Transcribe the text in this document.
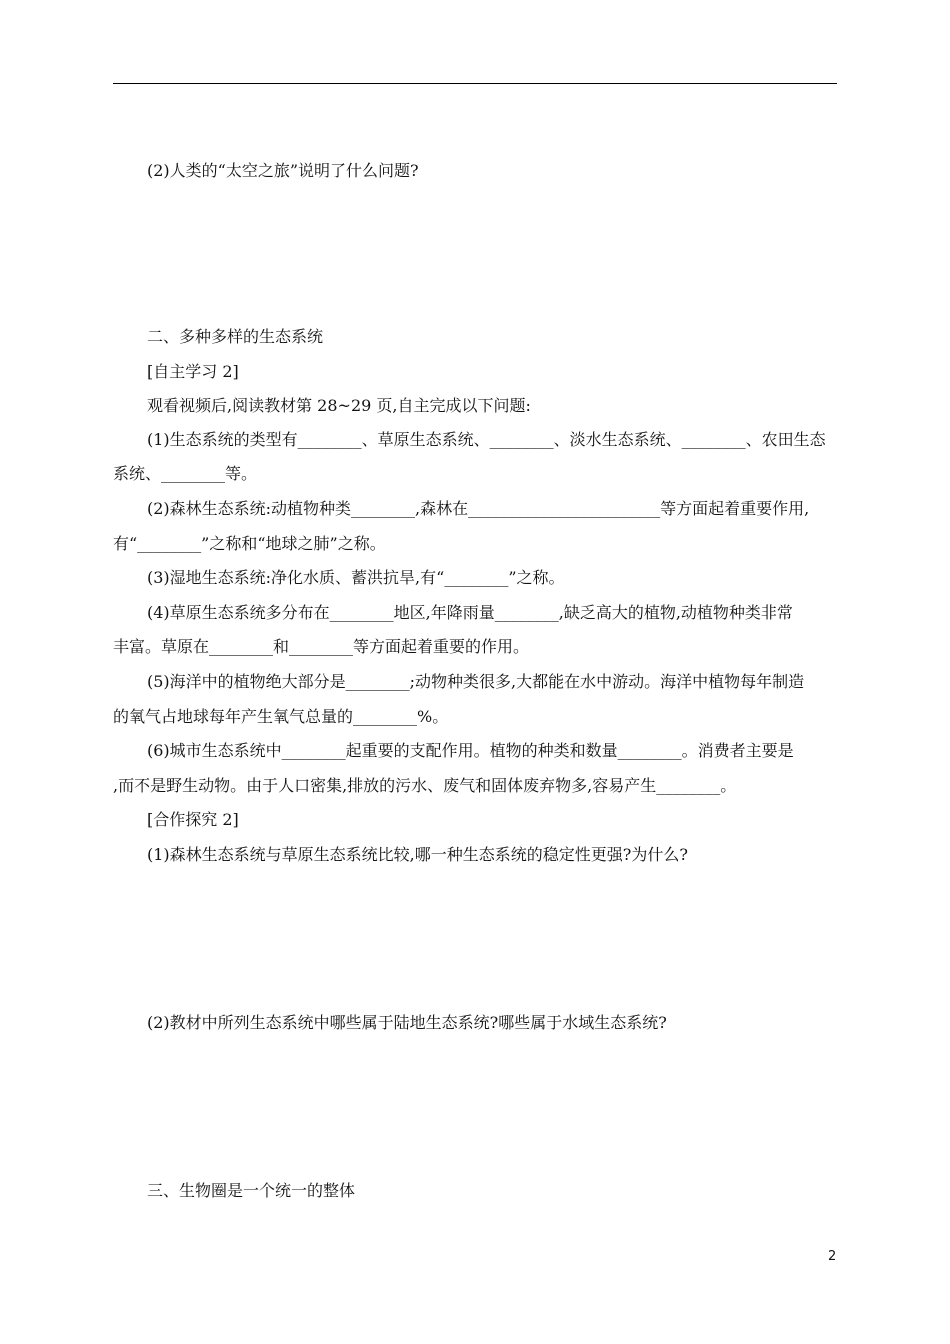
(2)人类的“太空之旅”说明了什么问题?
二、多种多样的生态系统
[自主学习 2]
观看视频后,阅读教材第 28~29 页,自主完成以下问题:
(1)生态系统的类型有________、草原生态系统、________、淡水生态系统、________、农田生态
系统、________等。
(2)森林生态系统:动植物种类________,森林在________________________等方面起着重要作用,
有“________”之称和“地球之肺”之称。
(3)湿地生态系统:净化水质、蓄洪抗旱,有“________”之称。
(4)草原生态系统多分布在________地区,年降雨量________,缺乏高大的植物,动植物种类非常
丰富。草原在________和________等方面起着重要的作用。
(5)海洋中的植物绝大部分是________;动物种类很多,大都能在水中游动。海洋中植物每年制造
的氧气占地球每年产生氧气总量的________%。
(6)城市生态系统中________起重要的支配作用。植物的种类和数量________。消费者主要是
,而不是野生动物。由于人口密集,排放的污水、废气和固体废弃物多,容易产生________。
[合作探究 2]
(1)森林生态系统与草原生态系统比较,哪一种生态系统的稳定性更强?为什么?
(2)教材中所列生态系统中哪些属于陆地生态系统?哪些属于水域生态系统?
三、生物圈是一个统一的整体
2
